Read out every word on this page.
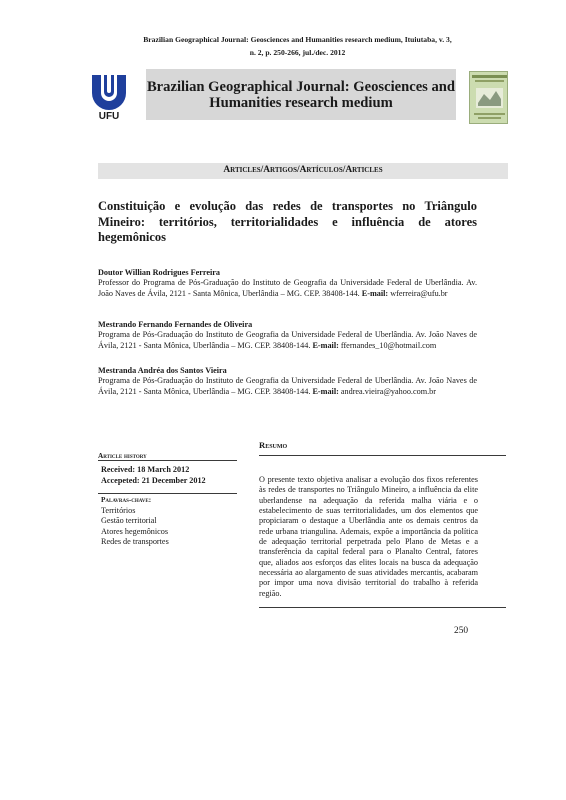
Brazilian Geographical Journal: Geosciences and Humanities research medium, Ituiutaba, v. 3,
n. 2, p. 250-266, jul./dec. 2012
UFU
Brazilian Geographical Journal: Geosciences and Humanities research medium
Articles/Artigos/Artículos/Articles
Constituição e evolução das redes de transportes no Triângulo Mineiro: territórios, territorialidades e influência de atores hegemônicos
Doutor Willian Rodrigues Ferreira
Professor do Programa de Pós-Graduação do Instituto de Geografia da Universidade Federal de Uberlândia. Av. João Naves de Ávila, 2121 - Santa Mônica, Uberlândia – MG. CEP. 38408-144. E-mail: wferreira@ufu.br
Mestrando Fernando Fernandes de Oliveira
Programa de Pós-Graduação do Instituto de Geografia da Universidade Federal de Uberlândia. Av. João Naves de Ávila, 2121 - Santa Mônica, Uberlândia – MG. CEP. 38408-144. E-mail: ffernandes_10@hotmail.com
Mestranda Andréa dos Santos Vieira
Programa de Pós-Graduação do Instituto de Geografia da Universidade Federal de Uberlândia. Av. João Naves de Ávila, 2121 - Santa Mônica, Uberlândia – MG. CEP. 38408-144. E-mail: andrea.vieira@yahoo.com.br
Article history
Received: 18 March 2012
Accepeted: 21 December 2012
Palavras-chave:
Territórios
Gestão territorial
Atores hegemônicos
Redes de transportes
Resumo
O presente texto objetiva analisar a evolução dos fixos referentes às redes de transportes no Triângulo Mineiro, a influência da elite uberlandense na adequação da referida malha viária e o estabelecimento de suas territorialidades, um dos elementos que propiciaram o destaque a Uberlândia ante os demais centros da rede urbana triangulina. Ademais, expõe a importância da política de adequação territorial perpetrada pelo Plano de Metas e a transferência da capital federal para o Planalto Central, fatores que, aliados aos esforços das elites locais na busca da adequação necessária ao alargamento de suas atividades mercantis, acabaram por impor uma nova divisão territorial do trabalho à referida região.
250
